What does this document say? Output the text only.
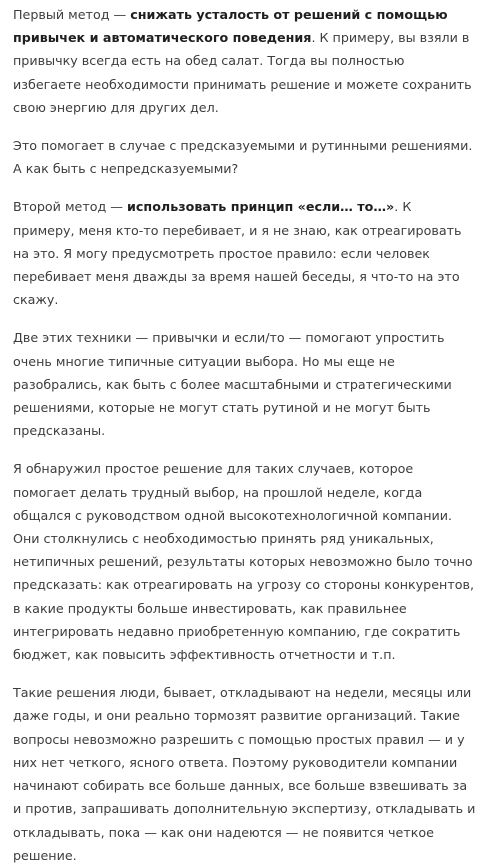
Первый метод — снижать усталость от решений с помощью привычек и автоматического поведения. К примеру, вы взяли в привычку всегда есть на обед салат. Тогда вы полностью избегаете необходимости принимать решение и можете сохранить свою энергию для других дел.

Это помогает в случае с предсказуемыми и рутинными решениями. А как быть с непредсказуемыми?

Второй метод — использовать принцип «если… то…». К примеру, меня кто-то перебивает, и я не знаю, как отреагировать на это. Я могу предусмотреть простое правило: если человек перебивает меня дважды за время нашей беседы, я что-то на это скажу.

Две этих техники — привычки и если/то — помогают упростить очень многие типичные ситуации выбора. Но мы еще не разобрались, как быть с более масштабными и стратегическими решениями, которые не могут стать рутиной и не могут быть предсказаны.

Я обнаружил простое решение для таких случаев, которое помогает делать трудный выбор, на прошлой неделе, когда общался с руководством одной высокотехнологичной компании. Они столкнулись с необходимостью принять ряд уникальных, нетипичных решений, результаты которых невозможно было точно предсказать: как отреагировать на угрозу со стороны конкурентов, в какие продукты больше инвестировать, как правильнее интегрировать недавно приобретенную компанию, где сократить бюджет, как повысить эффективность отчетности и т.п.

Такие решения люди, бывает, откладывают на недели, месяцы или даже годы, и они реально тормозят развитие организаций. Такие вопросы невозможно разрешить с помощью простых правил — и у них нет четкого, ясного ответа. Поэтому руководители компании начинают собирать все больше данных, все больше взвешивать за и против, запрашивать дополнительную экспертизу, откладывать и откладывать, пока — как они надеются — не появится четкое решение.
